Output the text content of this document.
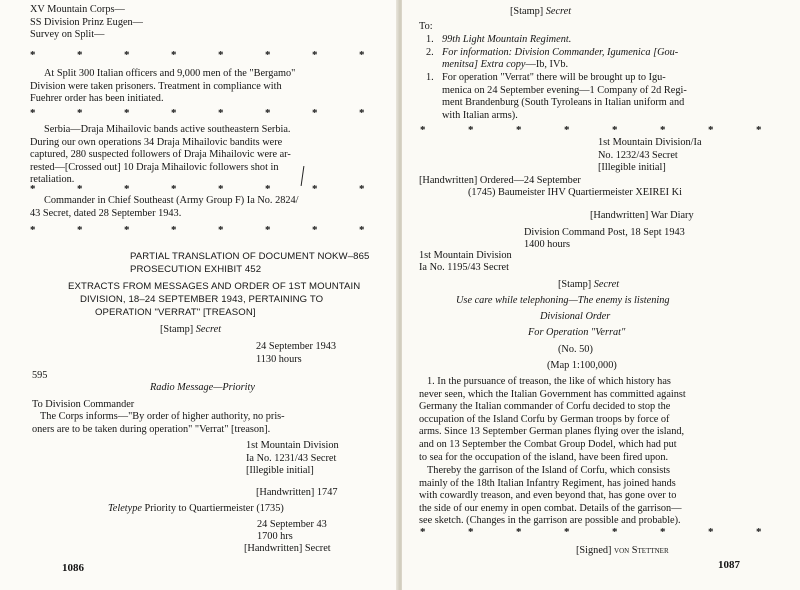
XV Mountain Corps—
SS Division Prinz Eugen—
Survey on Split—
*	*	*	*	*	*	*	*
At Split 300 Italian officers and 9,000 men of the "Bergamo"
Division were taken prisoners. Treatment in compliance with
Fuehrer order has been initiated.
*	*	*	*	*	*	*	*
Serbia—Draja Mihailovic bands active southeastern Serbia.
During our own operations 34 Draja Mihailovic bandits were
captured, 280 suspected followers of Draja Mihailovic were ar-
rested—[Crossed out] 10 Draja Mihailovic followers shot in
retaliation.
*	*	*	*	*	*	*	*
Commander in Chief Southeast (Army Group F) Ia No. 2824/
43 Secret, dated 28 September 1943.
*	*	*	*	*	*	*	*
PARTIAL TRANSLATION OF DOCUMENT NOKW–865
PROSECUTION EXHIBIT 452
EXTRACTS FROM MESSAGES AND ORDER OF 1ST MOUNTAIN
DIVISION, 18–24 SEPTEMBER 1943, PERTAINING TO
OPERATION "VERRAT" [TREASON]
[Stamp] Secret
24 September 1943
1130 hours
595
Radio Message—Priority
To Division Commander
The Corps informs—"By order of higher authority, no pris-
oners are to be taken during operation" "Verrat" [treason].
1st Mountain Division
Ia No. 1231/43 Secret
[Illegible initial]
[Handwritten] 1747
Teletype Priority to Quartiermeister (1735)
24 September 43
1700 hrs
[Handwritten] Secret
1086
[Stamp] Secret
To:
1. 99th Light Mountain Regiment.
2. For information: Division Commander, Igumenica [Gou-
menitsa] Extra copy—Ib, IVb.
1. For operation "Verrat" there will be brought up to Igu-
menica on 24 September evening—1 Company of 2d Regi-
ment Brandenburg (South Tyroleans in Italian uniform and
with Italian arms).
*	*	*	*	*	*	*	*
1st Mountain Division/Ia
No. 1232/43 Secret
[Illegible initial]
[Handwritten] Ordered—24 September
(1745) Baumeister IHV Quartiermeister XEIREI Ki
[Handwritten] War Diary
Division Command Post, 18 Sept 1943
1400 hours
1st Mountain Division
Ia No. 1195/43 Secret
[Stamp] Secret
Use care while telephoning—The enemy is listening
Divisional Order
For Operation "Verrat"
(No. 50)
(Map 1:100,000)
1. In the pursuance of treason, the like of which history has
never seen, which the Italian Government has committed against
Germany the Italian commander of Corfu decided to stop the
occupation of the Island Corfu by German troops by force of
arms. Since 13 September German planes flying over the island,
and on 13 September the Combat Group Dodel, which had put
to sea for the occupation of the island, have been fired upon.
Thereby the garrison of the Island of Corfu, which consists
mainly of the 18th Italian Infantry Regiment, has joined hands
with cowardly treason, and even beyond that, has gone over to
the side of our enemy in open combat. Details of the garrison—
see sketch. (Changes in the garrison are possible and probable).
*	*	*	*	*	*	*	*
[Signed] von Stettner
1087
